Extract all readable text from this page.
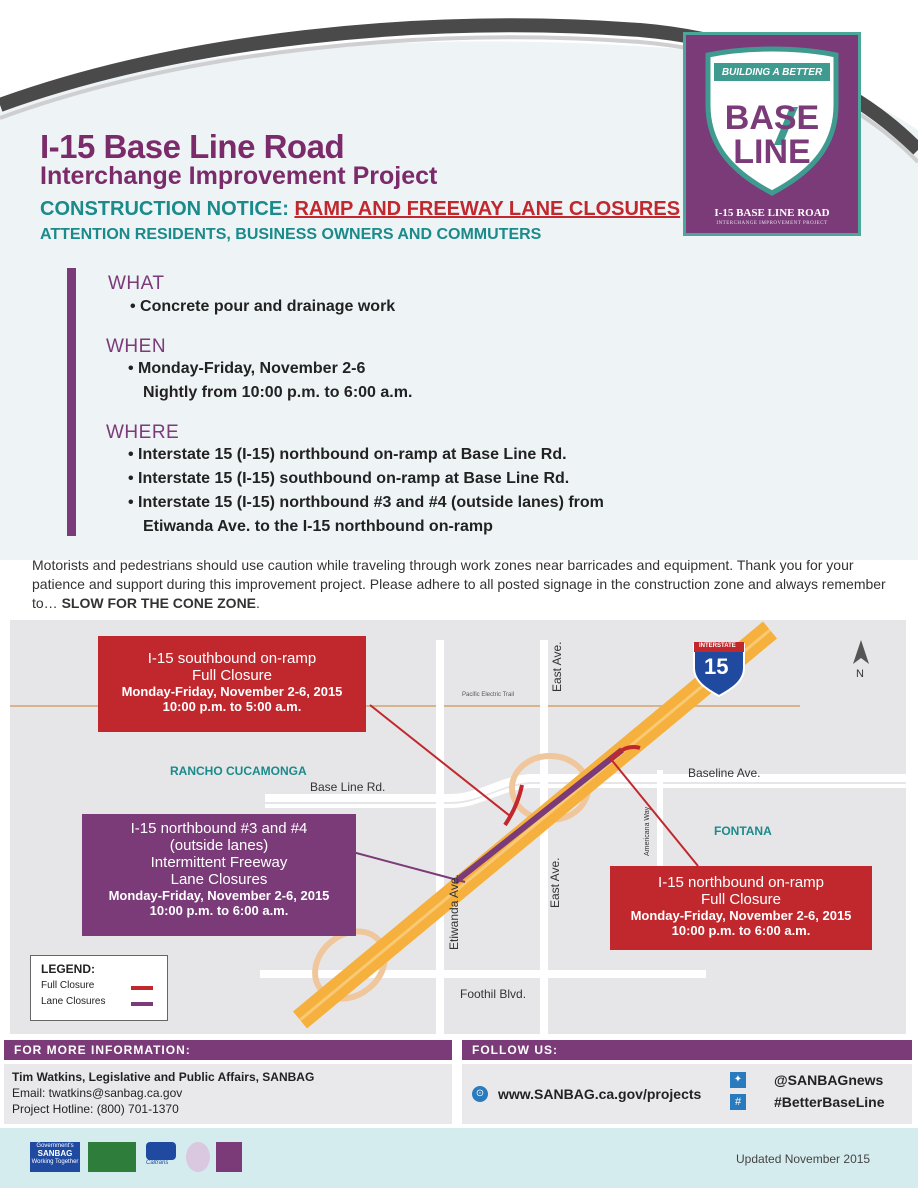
I-15 Base Line Road
Interchange Improvement Project
CONSTRUCTION NOTICE: RAMP AND FREEWAY LANE CLOSURES
ATTENTION RESIDENTS, BUSINESS OWNERS AND COMMUTERS
BUILDING A BETTER
BASE
LINE
I-15 BASE LINE ROAD
INTERCHANGE IMPROVEMENT PROJECT
WHAT
• Concrete pour and drainage work
WHEN
• Monday-Friday, November 2-6
Nightly from 10:00 p.m. to 6:00 a.m.
WHERE
• Interstate 15 (I-15) northbound on-ramp at Base Line Rd.
• Interstate 15 (I-15) southbound on-ramp at Base Line Rd.
• Interstate 15 (I-15) northbound #3 and #4 (outside lanes) from
Etiwanda Ave. to the I-15 northbound on-ramp
Motorists and pedestrians should use caution while traveling through work zones near barricades and equipment. Thank you for your patience and support during this improvement project. Please adhere to all posted signage in the construction zone and always remember to… SLOW FOR THE CONE ZONE.
INTERSTATE
15	N
Pacific Electric Trail
RANCHO CUCAMONGA
Base Line Rd.
Baseline Ave.
FONTANA
East Ave.
East Ave.
Etiwanda Ave.
Americana Way
Foothil Blvd.
I-15 southbound on-ramp
Full Closure
Monday-Friday, November 2-6, 2015
10:00 p.m. to 5:00 a.m.
I-15 northbound #3 and #4
(outside lanes)
Intermittent Freeway
Lane Closures
Monday-Friday, November 2-6, 2015
10:00 p.m. to 6:00 a.m.
I-15 northbound on-ramp
Full Closure
Monday-Friday, November 2-6, 2015
10:00 p.m. to 6:00 a.m.
LEGEND:
Full Closure
Lane Closures
FOR MORE INFORMATION:
Tim Watkins, Legislative and Public Affairs, SANBAG
Email: twatkins@sanbag.ca.gov
Project Hotline: (800) 701-1370
FOLLOW US:
⊙ www.SANBAG.ca.gov/projects
✦
#
@SANBAGnews
#BetterBaseLine
Government's
SANBAG
Working Together	Caltrans	Updated November 2015
